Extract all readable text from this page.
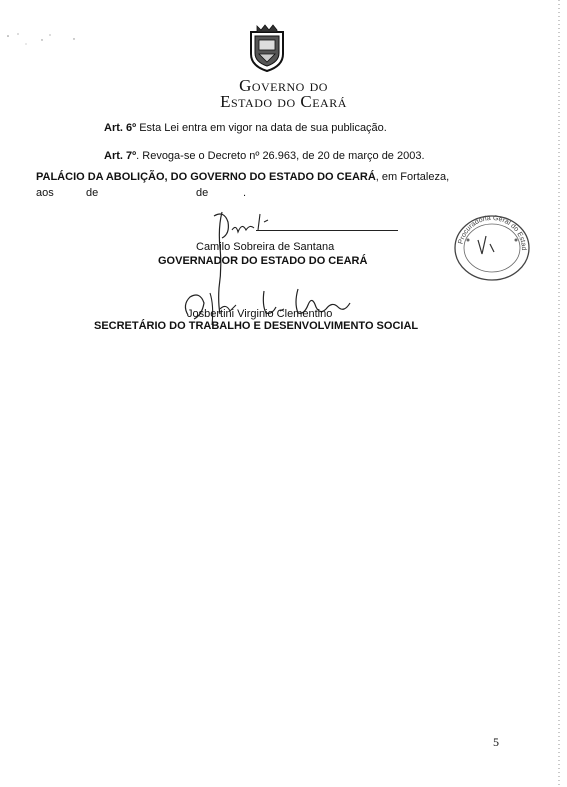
Governo do
Estado do Ceará
Art. 6º Esta Lei entra em vigor na data de sua publicação.
Art. 7º. Revoga-se o Decreto nº 26.963, de 20 de março de 2003.
PALÁCIO DA ABOLIÇÃO, DO GOVERNO DO ESTADO DO CEARÁ, em Fortaleza,
aos	de	de	.
Camilo Sobreira de Santana
GOVERNADOR DO ESTADO DO CEARÁ
Josbertini Virginio Clementino
SECRETÁRIO DO TRABALHO E DESENVOLVIMENTO SOCIAL
Procuradoria Geral do Estad
5
